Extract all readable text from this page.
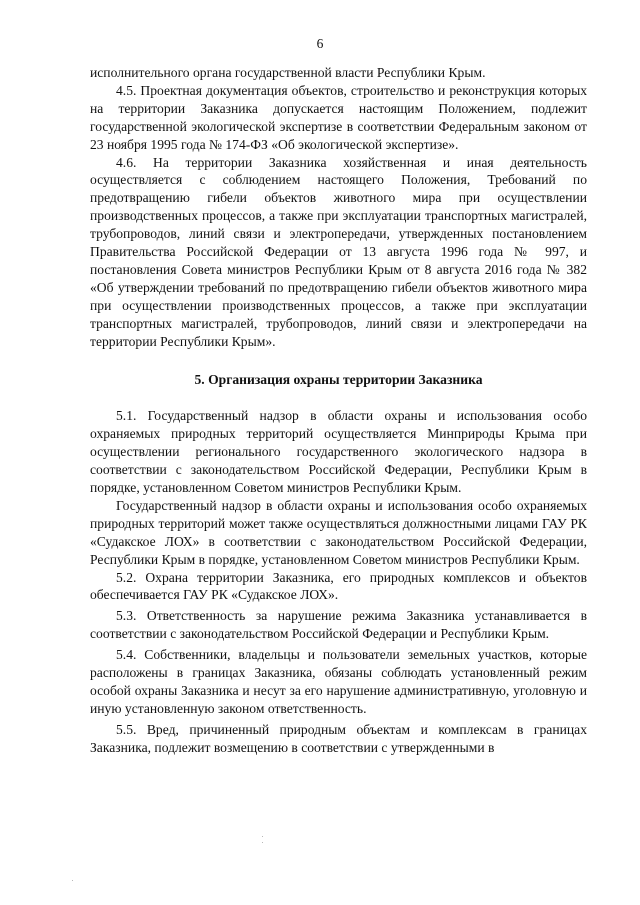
6

исполнительного органа государственной власти Республики Крым.

4.5. Проектная документация объектов, строительство и реконструкция которых на территории Заказника допускается настоящим Положением, подлежит государственной экологической экспертизе в соответствии Федеральным законом от 23 ноября 1995 года № 174-ФЗ «Об экологической экспертизе».

4.6. На территории Заказника хозяйственная и иная деятельность осуществляется с соблюдением настоящего Положения, Требований по предотвращению гибели объектов животного мира при осуществлении производственных процессов, а также при эксплуатации транспортных магистралей, трубопроводов, линий связи и электропередачи, утвержденных постановлением Правительства Российской Федерации от 13 августа 1996 года № 997, и постановления Совета министров Республики Крым от 8 августа 2016 года № 382 «Об утверждении требований по предотвращению гибели объектов животного мира при осуществлении производственных процессов, а также при эксплуатации транспортных магистралей, трубопроводов, линий связи и электропередачи на территории Республики Крым».

5. Организация охраны территории Заказника

5.1. Государственный надзор в области охраны и использования особо охраняемых природных территорий осуществляется Минприроды Крыма при осуществлении регионального государственного экологического надзора в соответствии с законодательством Российской Федерации, Республики Крым в порядке, установленном Советом министров Республики Крым.

Государственный надзор в области охраны и использования особо охраняемых природных территорий может также осуществляться должностными лицами ГАУ РК «Судакское ЛОХ» в соответствии с законодательством Российской Федерации, Республики Крым в порядке, установленном Советом министров Республики Крым.

5.2. Охрана территории Заказника, его природных комплексов и объектов обеспечивается ГАУ РК «Судакское ЛОХ».

5.3. Ответственность за нарушение режима Заказника устанавливается в соответствии с законодательством Российской Федерации и Республики Крым.

5.4. Собственники, владельцы и пользователи земельных участков, которые расположены в границах Заказника, обязаны соблюдать установленный режим особой охраны Заказника и несут за его нарушение административную, уголовную и иную установленную законом ответственность.

5.5. Вред, причиненный природным объектам и комплексам в границах Заказника, подлежит возмещению в соответствии с утвержденными в
